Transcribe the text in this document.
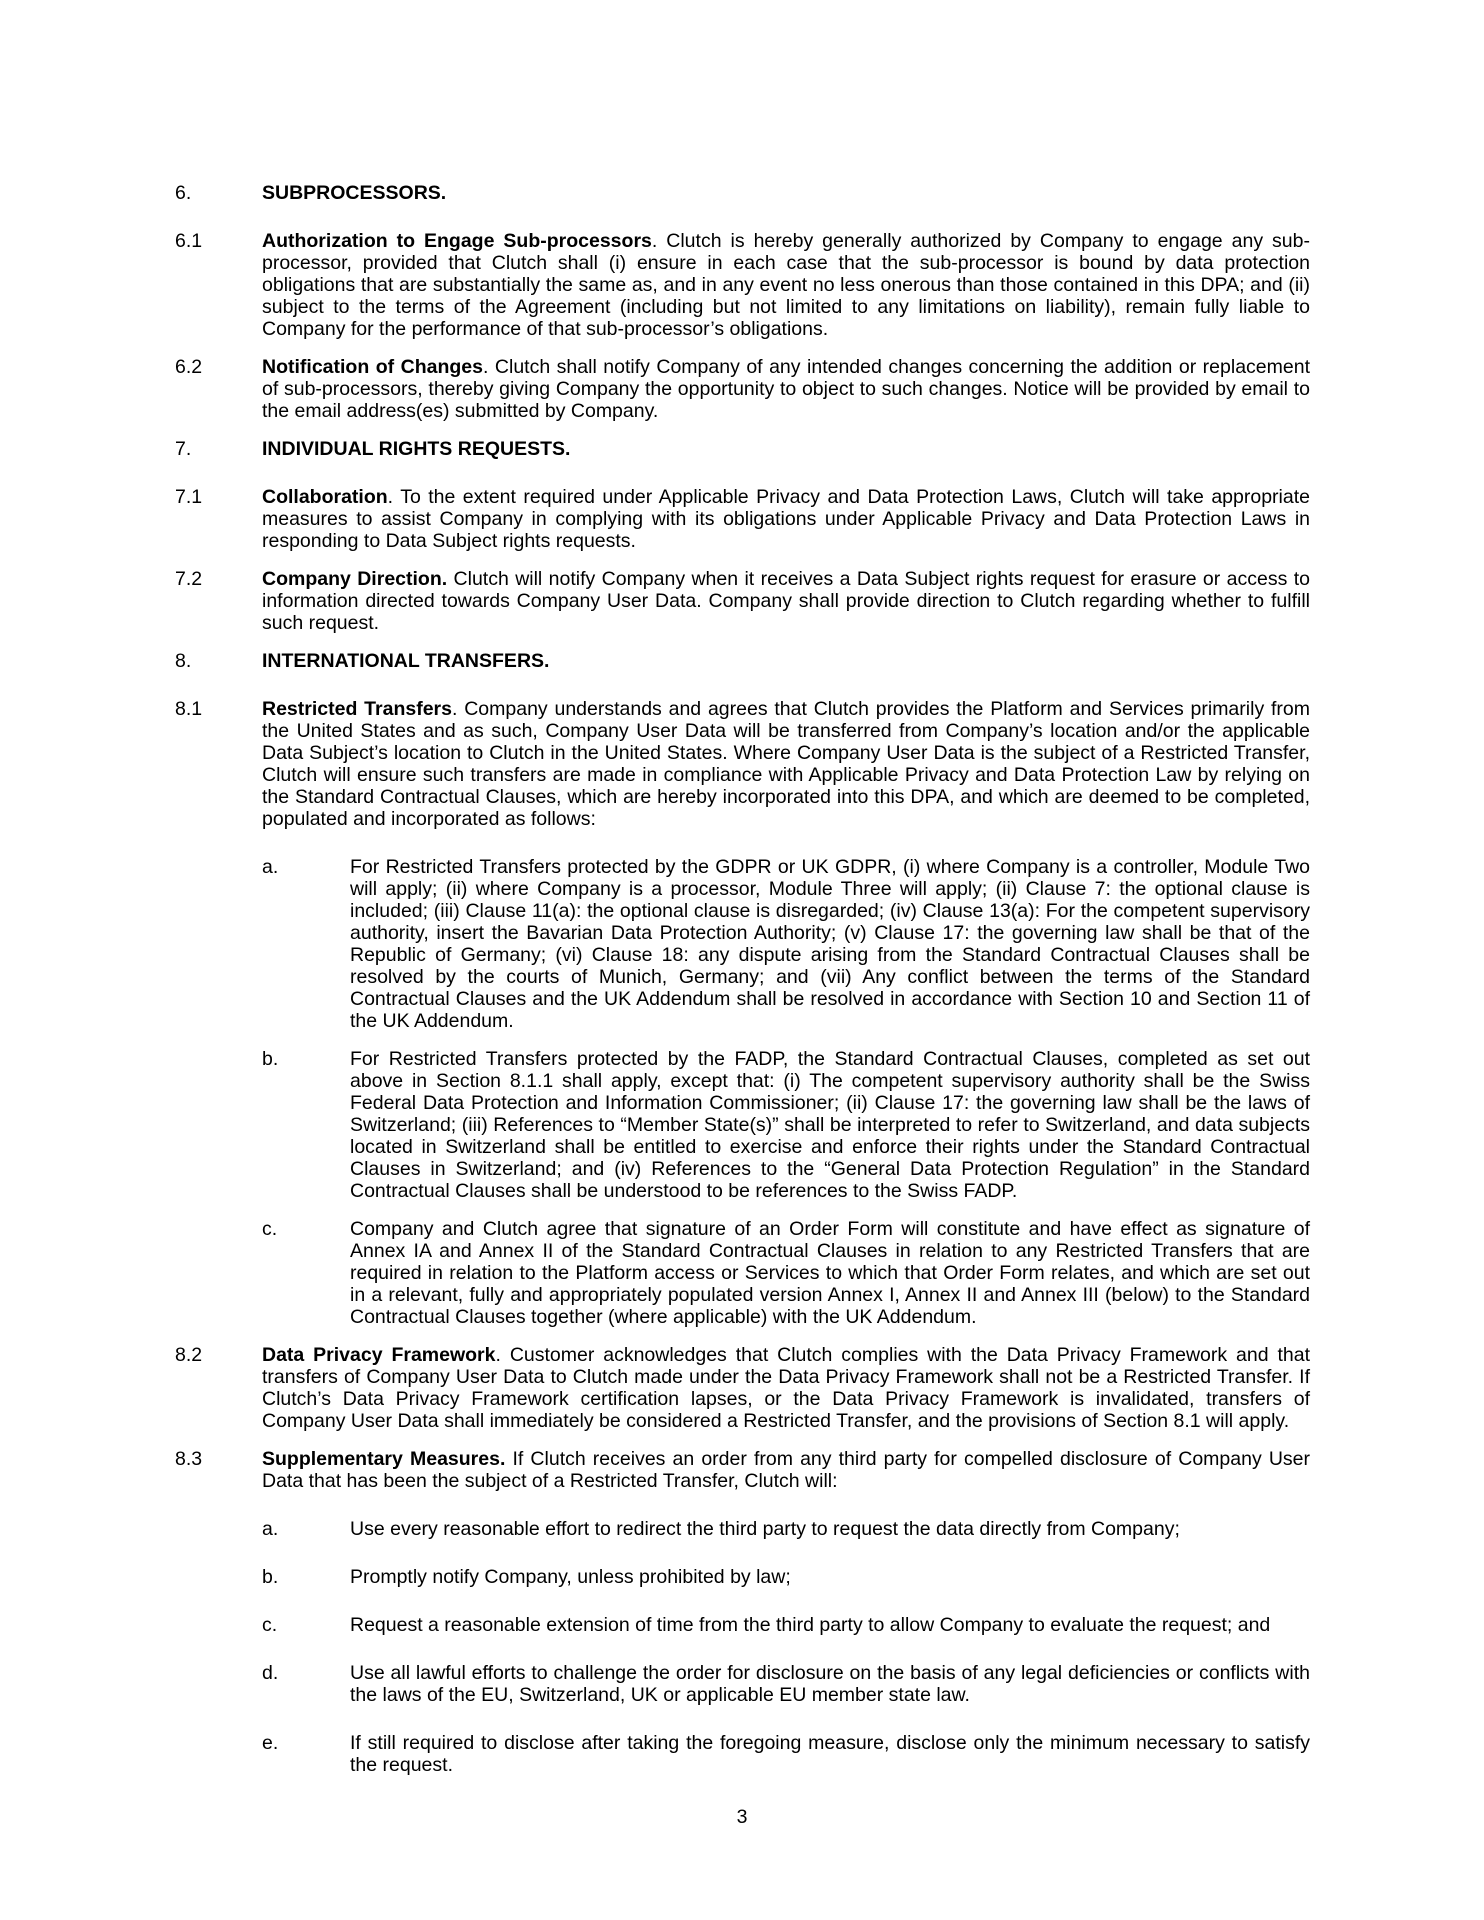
6.	SUBPROCESSORS.
6.1	Authorization to Engage Sub-processors. Clutch is hereby generally authorized by Company to engage any sub-processor, provided that Clutch shall (i) ensure in each case that the sub-processor is bound by data protection obligations that are substantially the same as, and in any event no less onerous than those contained in this DPA; and (ii) subject to the terms of the Agreement (including but not limited to any limitations on liability), remain fully liable to Company for the performance of that sub-processor’s obligations.
6.2	Notification of Changes. Clutch shall notify Company of any intended changes concerning the addition or replacement of sub-processors, thereby giving Company the opportunity to object to such changes. Notice will be provided by email to the email address(es) submitted by Company.
7.	INDIVIDUAL RIGHTS REQUESTS.
7.1	Collaboration. To the extent required under Applicable Privacy and Data Protection Laws, Clutch will take appropriate measures to assist Company in complying with its obligations under Applicable Privacy and Data Protection Laws in responding to Data Subject rights requests.
7.2	Company Direction. Clutch will notify Company when it receives a Data Subject rights request for erasure or access to information directed towards Company User Data. Company shall provide direction to Clutch regarding whether to fulfill such request.
8.	INTERNATIONAL TRANSFERS.
8.1	Restricted Transfers. Company understands and agrees that Clutch provides the Platform and Services primarily from the United States and as such, Company User Data will be transferred from Company’s location and/or the applicable Data Subject’s location to Clutch in the United States. Where Company User Data is the subject of a Restricted Transfer, Clutch will ensure such transfers are made in compliance with Applicable Privacy and Data Protection Law by relying on the Standard Contractual Clauses, which are hereby incorporated into this DPA, and which are deemed to be completed, populated and incorporated as follows:
a.	For Restricted Transfers protected by the GDPR or UK GDPR, (i) where Company is a controller, Module Two will apply; (ii) where Company is a processor, Module Three will apply; (ii) Clause 7: the optional clause is included; (iii) Clause 11(a): the optional clause is disregarded; (iv) Clause 13(a): For the competent supervisory authority, insert the Bavarian Data Protection Authority; (v) Clause 17: the governing law shall be that of the Republic of Germany; (vi) Clause 18: any dispute arising from the Standard Contractual Clauses shall be resolved by the courts of Munich, Germany; and (vii) Any conflict between the terms of the Standard Contractual Clauses and the UK Addendum shall be resolved in accordance with Section 10 and Section 11 of the UK Addendum.
b.	For Restricted Transfers protected by the FADP, the Standard Contractual Clauses, completed as set out above in Section 8.1.1 shall apply, except that: (i) The competent supervisory authority shall be the Swiss Federal Data Protection and Information Commissioner; (ii) Clause 17: the governing law shall be the laws of Switzerland; (iii) References to “Member State(s)” shall be interpreted to refer to Switzerland, and data subjects located in Switzerland shall be entitled to exercise and enforce their rights under the Standard Contractual Clauses in Switzerland; and (iv) References to the “General Data Protection Regulation” in the Standard Contractual Clauses shall be understood to be references to the Swiss FADP.
c.	Company and Clutch agree that signature of an Order Form will constitute and have effect as signature of Annex IA and Annex II of the Standard Contractual Clauses in relation to any Restricted Transfers that are required in relation to the Platform access or Services to which that Order Form relates, and which are set out in a relevant, fully and appropriately populated version Annex I, Annex II and Annex III (below) to the Standard Contractual Clauses together (where applicable) with the UK Addendum.
8.2	Data Privacy Framework. Customer acknowledges that Clutch complies with the Data Privacy Framework and that transfers of Company User Data to Clutch made under the Data Privacy Framework shall not be a Restricted Transfer. If Clutch’s Data Privacy Framework certification lapses, or the Data Privacy Framework is invalidated, transfers of Company User Data shall immediately be considered a Restricted Transfer, and the provisions of Section 8.1 will apply.
8.3	Supplementary Measures. If Clutch receives an order from any third party for compelled disclosure of Company User Data that has been the subject of a Restricted Transfer, Clutch will:
a.	Use every reasonable effort to redirect the third party to request the data directly from Company;
b.	Promptly notify Company, unless prohibited by law;
c.	Request a reasonable extension of time from the third party to allow Company to evaluate the request; and
d.	Use all lawful efforts to challenge the order for disclosure on the basis of any legal deficiencies or conflicts with the laws of the EU, Switzerland, UK or applicable EU member state law.
e.	If still required to disclose after taking the foregoing measure, disclose only the minimum necessary to satisfy the request.
3
